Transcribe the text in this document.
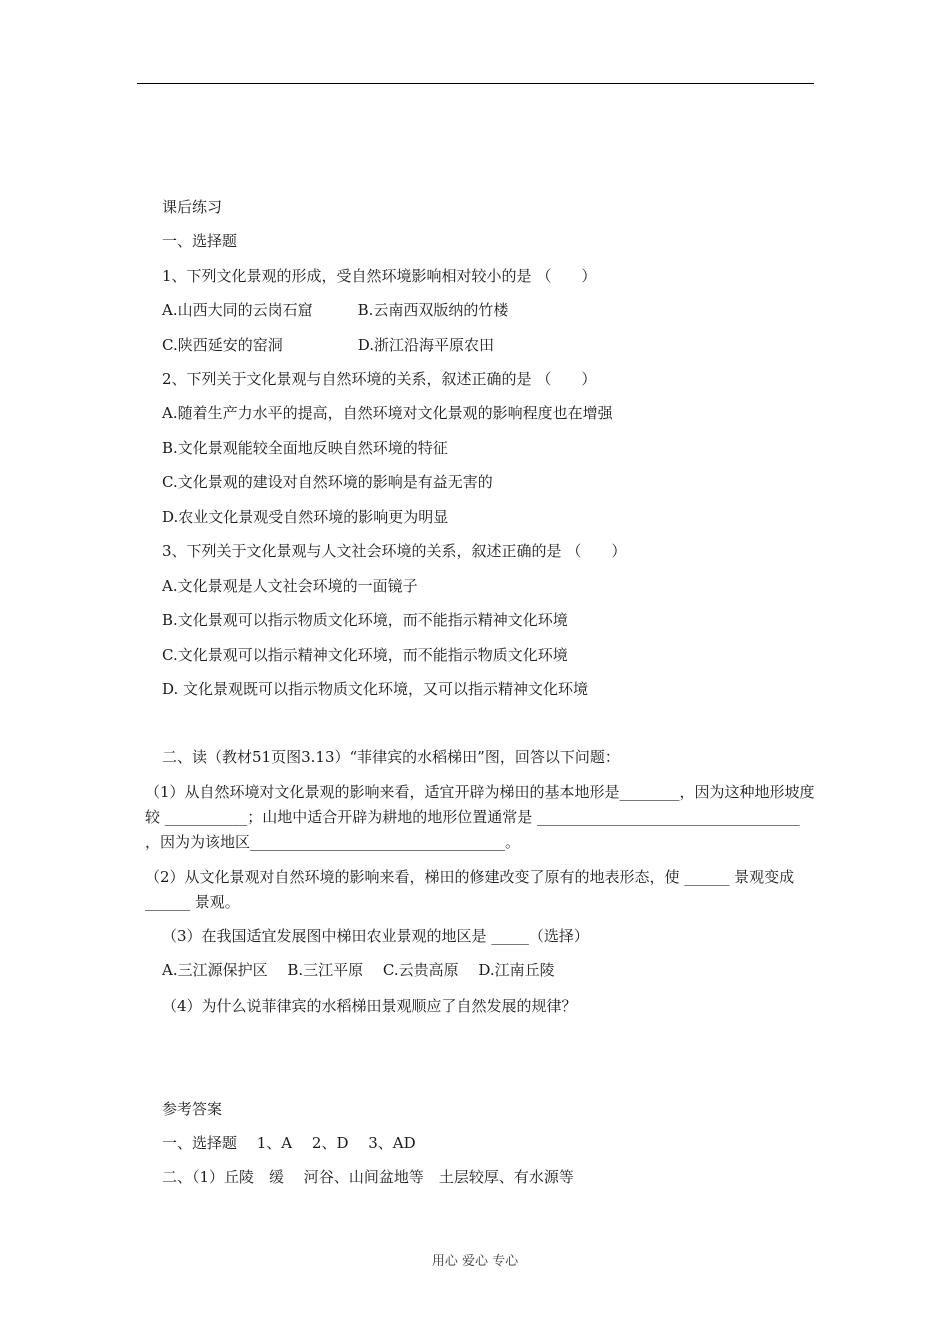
课后练习
一、选择题
1、下列文化景观的形成，受自然环境影响相对较小的是 （　　）
A.山西大同的云岗石窟　　　B.云南西双版纳的竹楼
C.陕西延安的窑洞　　　　　D.浙江沿海平原农田
2、下列关于文化景观与自然环境的关系，叙述正确的是 （　　）
A.随着生产力水平的提高，自然环境对文化景观的影响程度也在增强
B.文化景观能较全面地反映自然环境的特征
C.文化景观的建设对自然环境的影响是有益无害的
D.农业文化景观受自然环境的影响更为明显
3、下列关于文化景观与人文社会环境的关系，叙述正确的是 （　　）
A.文化景观是人文社会环境的一面镜子
B.文化景观可以指示物质文化环境，而不能指示精神文化环境
C.文化景观可以指示精神文化环境，而不能指示物质文化环境
D. 文化景观既可以指示物质文化环境，又可以指示精神文化环境
二、读（教材51页图3.13）“菲律宾的水稻梯田”图，回答以下问题：
（1）从自然环境对文化景观的影响来看，适宜开辟为梯田的基本地形是________，因为这种地形坡度较 ___________；山地中适合开辟为耕地的地形位置通常是 ___________________________________ ，因为为该地区__________________________________。
（2）从文化景观对自然环境的影响来看，梯田的修建改变了原有的地表形态，使 ______ 景观变成 ______ 景观。
（3）在我国适宜发展图中梯田农业景观的地区是 _____（选择）
A.三江源保护区　 B.三江平原　 C.云贵高原　 D.江南丘陵
（4）为什么说菲律宾的水稻梯田景观顺应了自然发展的规律？
参考答案
一、选择题　 1、A　 2、D　 3、AD
二、（1）丘陵　缓　 河谷、山间盆地等　土层较厚、有水源等
用心 爱心 专心
